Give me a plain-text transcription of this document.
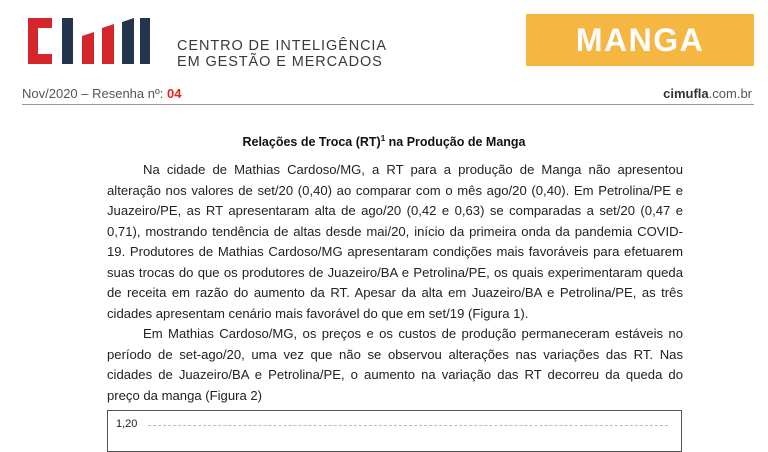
CENTRO DE INTELIGÊNCIA
EM GESTÃO E MERCADOS
MANGA
Nov/2020 – Resenha nº: 04	cimufla.com.br
Relações de Troca (RT)$^1$ na Produção de Manga

Na cidade de Mathias Cardoso/MG, a RT para a produção de Manga não apresentou alteração nos valores de set/20 (0,40) ao comparar com o mês ago/20 (0,40). Em Petrolina/PE e Juazeiro/PE, as RT apresentaram alta de ago/20 (0,42 e 0,63) se comparadas a set/20 (0,47 e 0,71), mostrando tendência de altas desde mai/20, início da primeira onda da pandemia COVID-19. Produtores de Mathias Cardoso/MG apresentaram condições mais favoráveis para efetuarem suas trocas do que os produtores de Juazeiro/BA e Petrolina/PE, os quais experimentaram queda de receita em razão do aumento da RT. Apesar da alta em Juazeiro/BA e Petrolina/PE, as três cidades apresentam cenário mais favorável do que em set/19 (Figura 1).

Em Mathias Cardoso/MG, os preços e os custos de produção permaneceram estáveis no período de set-ago/20, uma vez que não se observou alterações nas variações das RT. Nas cidades de Juazeiro/BA e Petrolina/PE, o aumento na variação das RT decorreu da queda do preço da manga (Figura 2)

1,20
